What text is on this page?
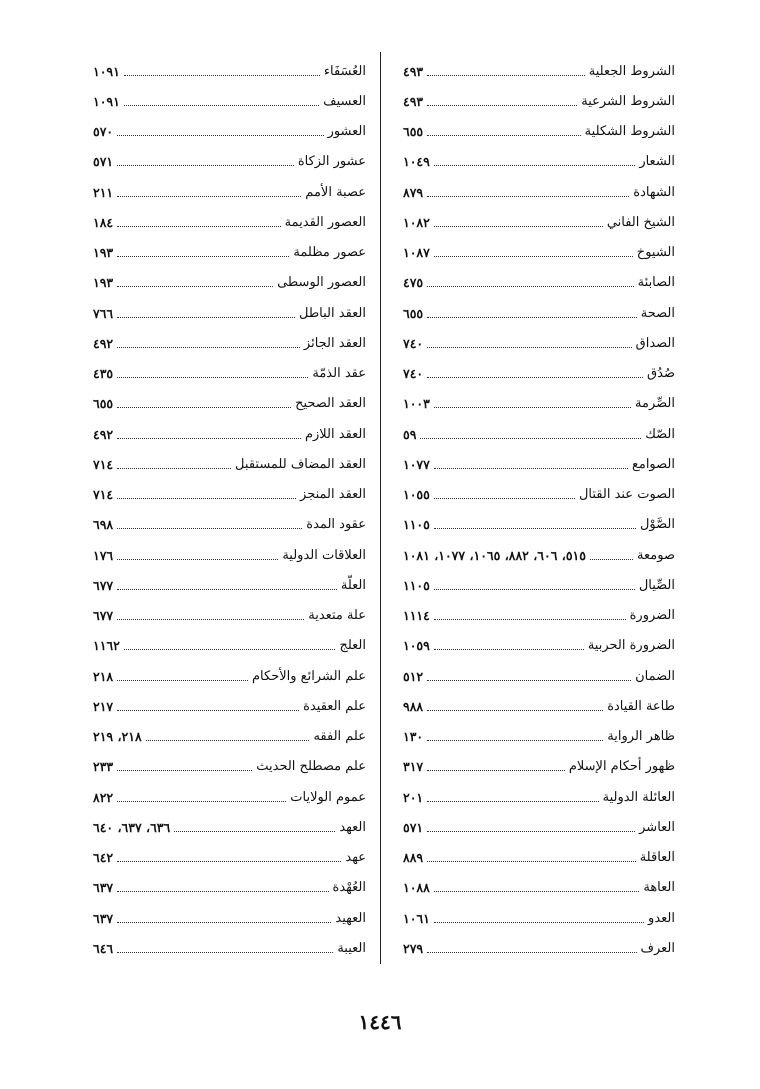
الشروط الجعلية
٤٩٣
الشروط الشرعية
٤٩٣
الشروط الشكلية
٦٥٥
الشعار
١٠٤٩
الشهادة
٨٧٩
الشيخ الفاني
١٠٨٢
الشيوخ
١٠٨٧
الصابئة
٤٧٥
الصحة
٦٥٥
الصداق
٧٤٠
صُدُق
٧٤٠
الصِّرمة
١٠٠٣
الصّك
٥٩
الصوامع
١٠٧٧
الصوت عند القتال
١٠٥٥
الصَّوْل
١١٠٥
صومعة
٥١٥، ٦٠٦، ٨٨٢، ١٠٦٥، ١٠٧٧، ١٠٨١
الصِّيال
١١٠٥
الضرورة
١١١٤
الضرورة الحربية
١٠٥٩
الضمان
٥١٢
طاعة القيادة
٩٨٨
ظاهر الرواية
١٣٠
ظهور أحكام الإسلام
٣١٧
العائلة الدولية
٢٠١
العاشر
٥٧١
العاقلة
٨٨٩
العاهة
١٠٨٨
العدو
١٠٦١
العرف
٢٧٩
العُسَفَاء
١٠٩١
العسيف
١٠٩١
العشور
٥٧٠
عشور الزكاة
٥٧١
عصبة الأمم
٢١١
العصور القديمة
١٨٤
عصور مظلمة
١٩٣
العصور الوسطى
١٩٣
العقد الباطل
٧٦٦
العقد الجائز
٤٩٢
عقد الذمّة
٤٣٥
العقد الصحيح
٦٥٥
العقد اللازم
٤٩٢
العقد المضاف للمستقبل
٧١٤
العقد المنجز
٧١٤
عقود المدة
٦٩٨
العلاقات الدولية
١٧٦
العلّة
٦٧٧
علة متعدية
٦٧٧
العلج
١١٦٢
علم الشرائع والأحكام
٢١٨
علم العقيدة
٢١٧
علم الفقه
٢١٨، ٢١٩
علم مصطلح الحديث
٢٣٣
عموم الولايات
٨٢٢
العهد
٦٣٦، ٦٣٧، ٦٤٠
عهد
٦٤٢
العُهْدة
٦٣٧
العهيد
٦٣٧
العيبة
٦٤٦
١٤٤٦
